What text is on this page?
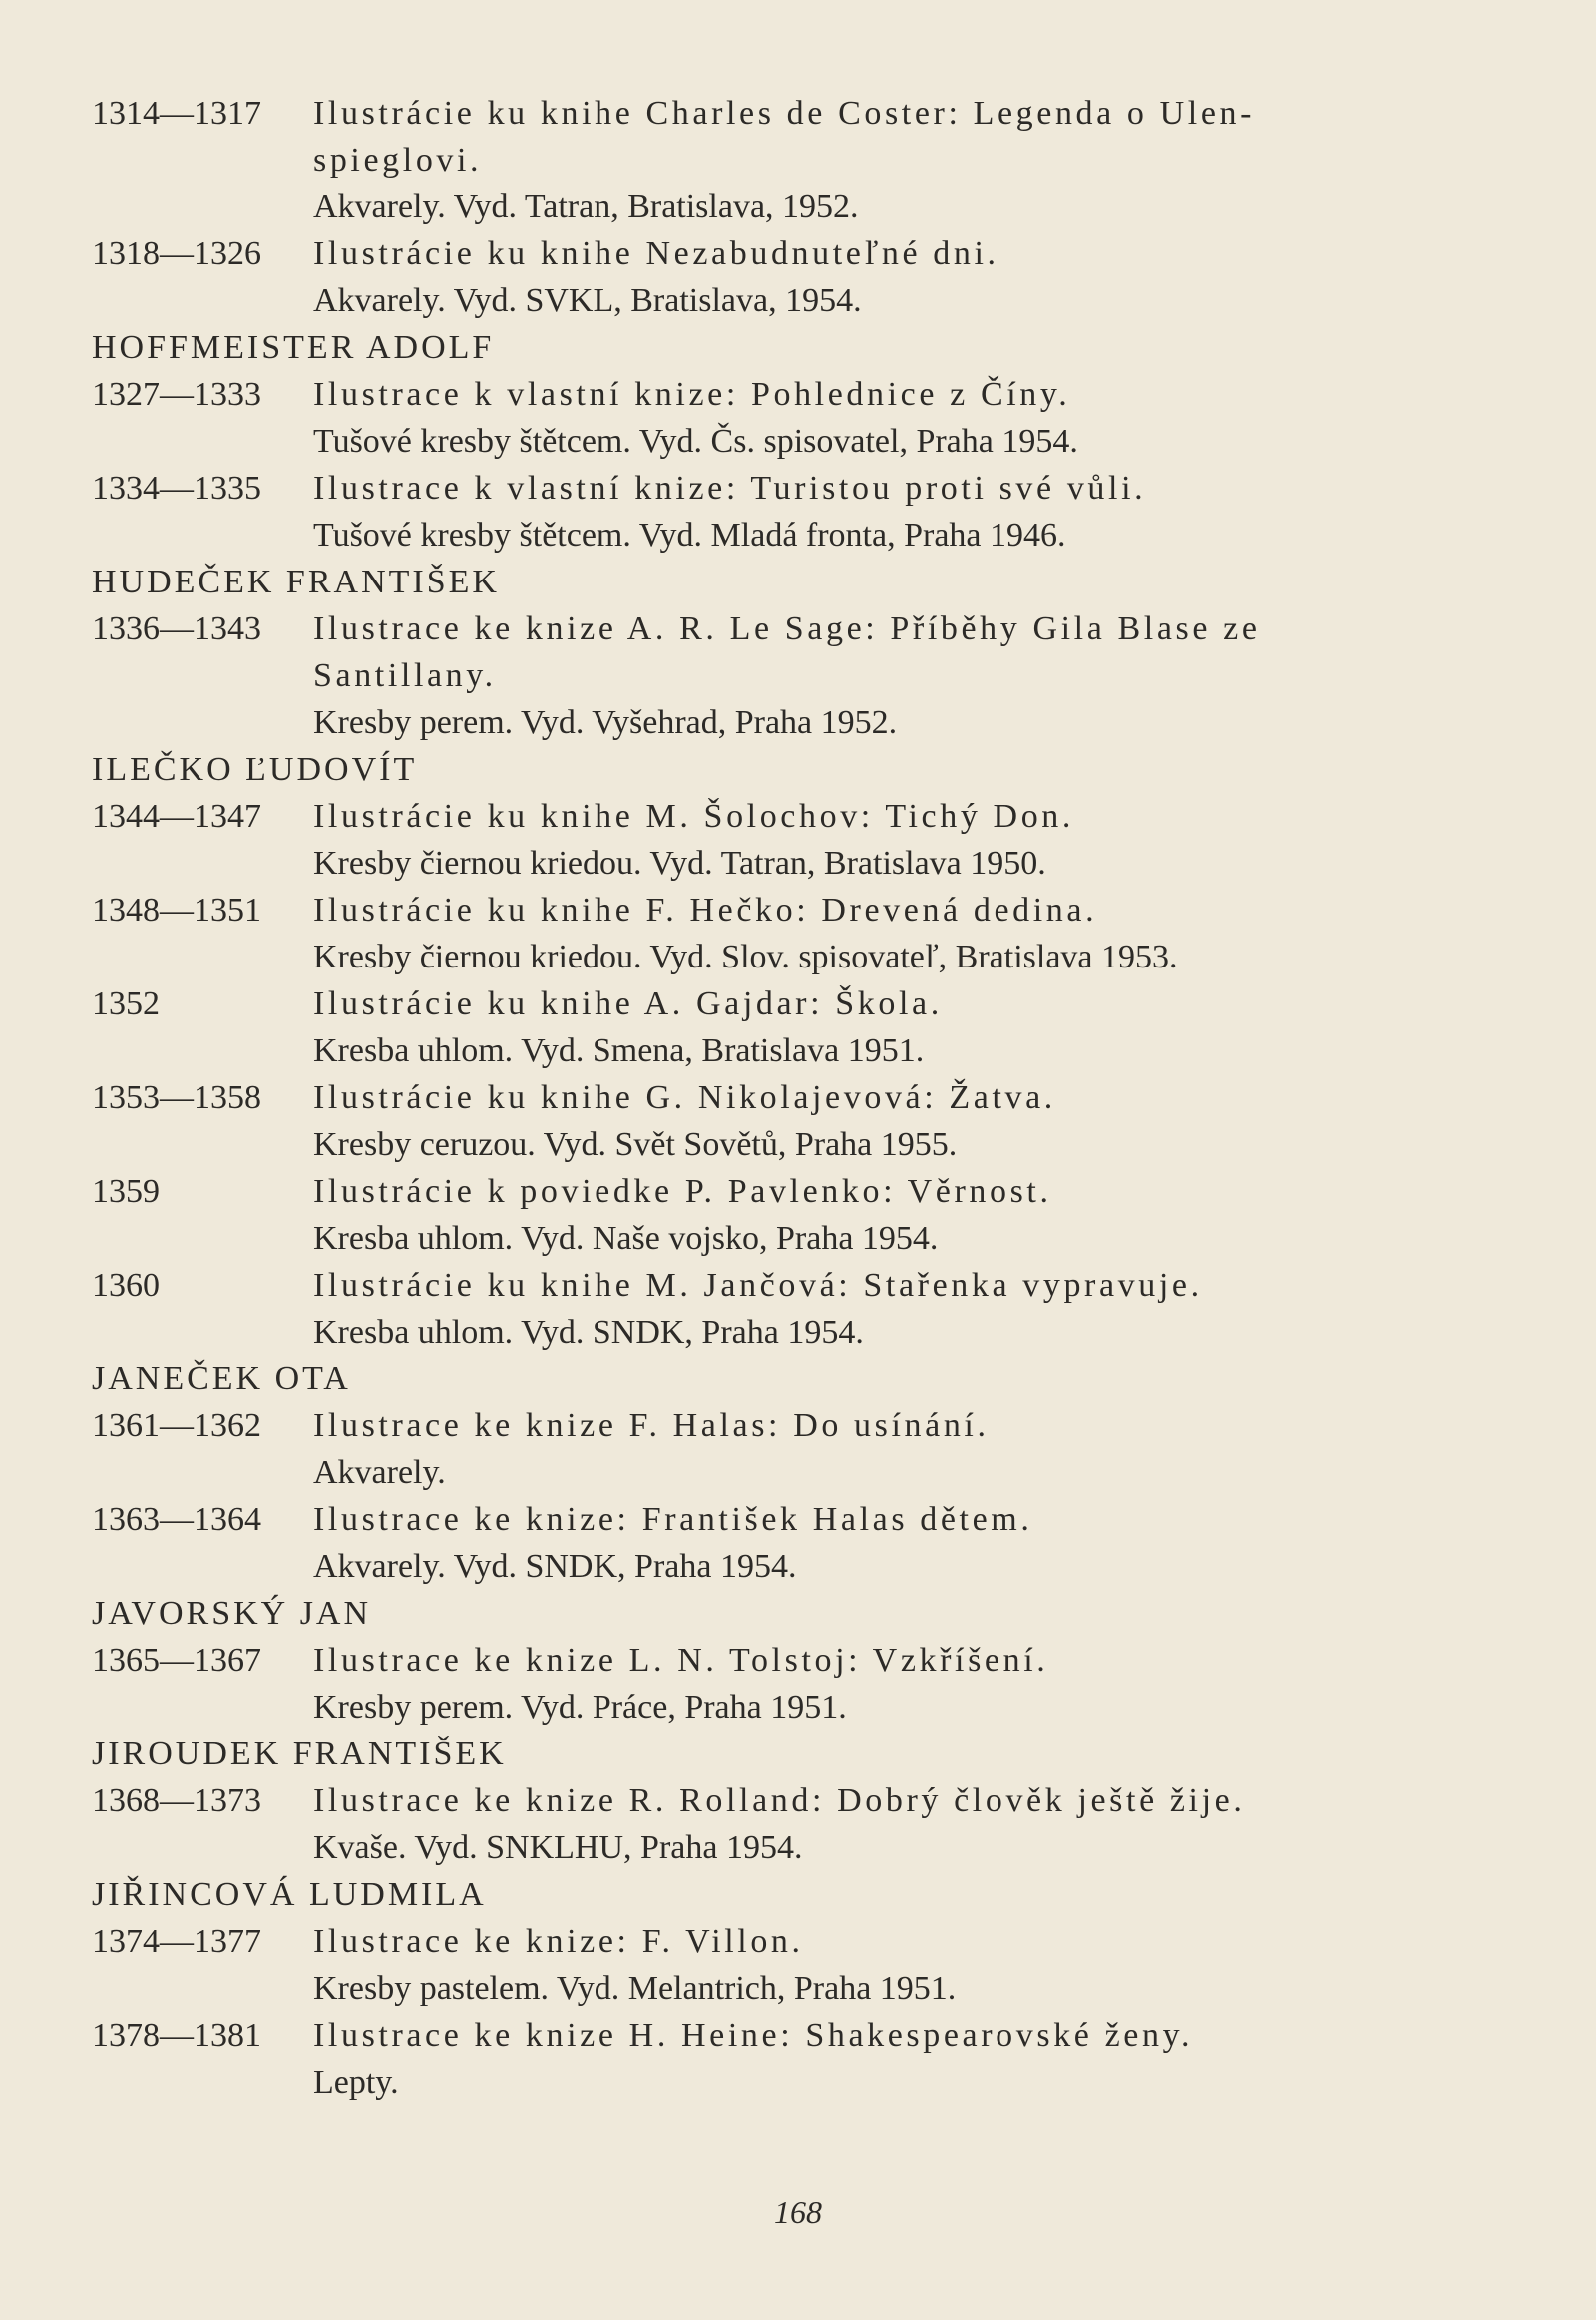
1314—1317 Ilustrácie ku knihe Charles de Coster: Legenda o Ulen-
spieglovi.
Akvarely. Vyd. Tatran, Bratislava, 1952.
1318—1326 Ilustrácie ku knihe Nezabudnuteľné dni.
Akvarely. Vyd. SVKL, Bratislava, 1954.
HOFFMEISTER ADOLF
1327—1333 Ilustrace k vlastní knize: Pohlednice z Číny.
Tušové kresby štětcem. Vyd. Čs. spisovatel, Praha 1954.
1334—1335 Ilustrace k vlastní knize: Turistou proti své vůli.
Tušové kresby štětcem. Vyd. Mladá fronta, Praha 1946.
HUDEČEK FRANTIŠEK
1336—1343 Ilustrace ke knize A. R. Le Sage: Příběhy Gila Blase ze
Santillany.
Kresby perem. Vyd. Vyšehrad, Praha 1952.
ILEČKO ĽUDOVÍT
1344—1347 Ilustrácie ku knihe M. Šolochov: Tichý Don.
Kresby čiernou kriedou. Vyd. Tatran, Bratislava 1950.
1348—1351 Ilustrácie ku knihe F. Hečko: Drevená dedina.
Kresby čiernou kriedou. Vyd. Slov. spisovateľ, Bratislava 1953.
1352	Ilustrácie ku knihe A. Gajdar: Škola.
Kresba uhlom. Vyd. Smena, Bratislava 1951.
1353—1358 Ilustrácie ku knihe G. Nikolajevová: Žatva.
Kresby ceruzou. Vyd. Svět Sovětů, Praha 1955.
1359	Ilustrácie k poviedke P. Pavlenko: Věrnost.
Kresba uhlom. Vyd. Naše vojsko, Praha 1954.
1360	Ilustrácie ku knihe M. Jančová: Stařenka vypravuje.
Kresba uhlom. Vyd. SNDK, Praha 1954.
JANEČEK OTA
1361—1362 Ilustrace ke knize F. Halas: Do usínání.
Akvarely.
1363—1364 Ilustrace ke knize: František Halas dětem.
Akvarely. Vyd. SNDK, Praha 1954.
JAVORSKÝ JAN
1365—1367 Ilustrace ke knize L. N. Tolstoj: Vzkříšení.
Kresby perem. Vyd. Práce, Praha 1951.
JIROUDEK FRANTIŠEK
1368—1373 Ilustrace ke knize R. Rolland: Dobrý člověk ještě žije.
Kvaše. Vyd. SNKLHU, Praha 1954.
JIŘINCOVÁ LUDMILA
1374—1377 Ilustrace ke knize: F. Villon.
Kresby pastelem. Vyd. Melantrich, Praha 1951.
1378—1381 Ilustrace ke knize H. Heine: Shakespearovské ženy.
Lepty.
168
